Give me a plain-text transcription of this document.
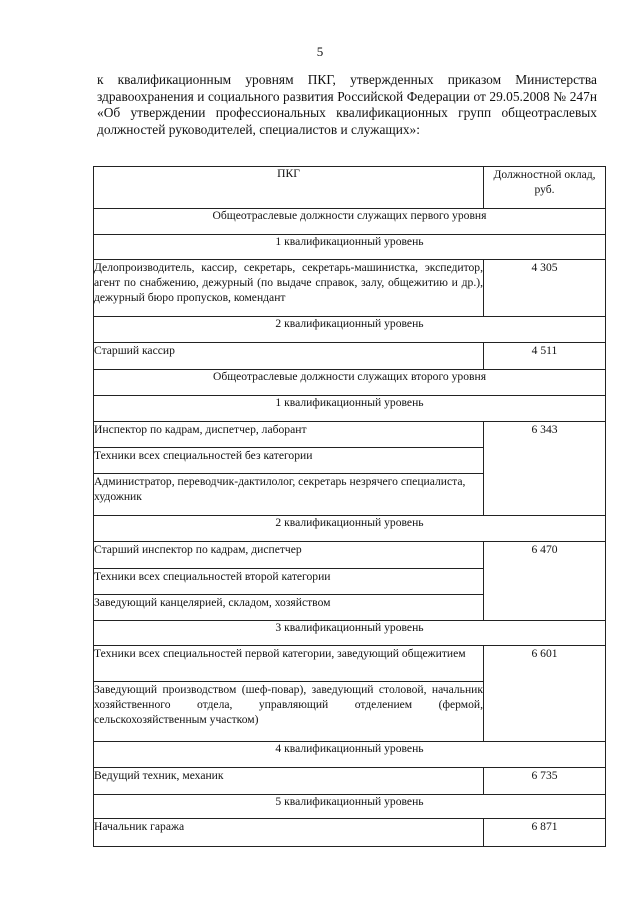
5
к квалификационным уровням ПКГ, утвержденных приказом Министерства здравоохранения и социального развития Российской Федерации от 29.05.2008 № 247н «Об утверждении профессиональных квалификационных групп общеотраслевых должностей руководителей, специалистов и служащих»:
ПКГ	Должностной оклад, руб.
Общеотраслевые должности служащих первого уровня	
1 квалификационный уровень	
Делопроизводитель, кассир, секретарь, секретарь-машинистка, экспедитор, агент по снабжению, дежурный (по выдаче справок, залу, общежитию и др.), дежурный бюро пропусков, комендант	4 305
2 квалификационный уровень	
Старший кассир	4 511
Общеотраслевые должности служащих второго уровня	
1 квалификационный уровень	
Инспектор по кадрам, диспетчер, лаборант	6 343
Техники всех специальностей без категории	
Администратор, переводчик-дактилолог, секретарь незрячего специалиста, художник	
2 квалификационный уровень	
Старший инспектор по кадрам, диспетчер	6 470
Техники всех специальностей второй категории	
Заведующий канцелярией, складом, хозяйством	
3 квалификационный уровень	
Техники всех специальностей первой категории, заведующий общежитием	6 601
Заведующий производством (шеф-повар), заведующий столовой, начальник хозяйственного отдела, управляющий отделением (фермой, сельскохозяйственным участком)	
4 квалификационный уровень	
Ведущий техник, механик	6 735
5 квалификационный уровень	
Начальник гаража	6 871
